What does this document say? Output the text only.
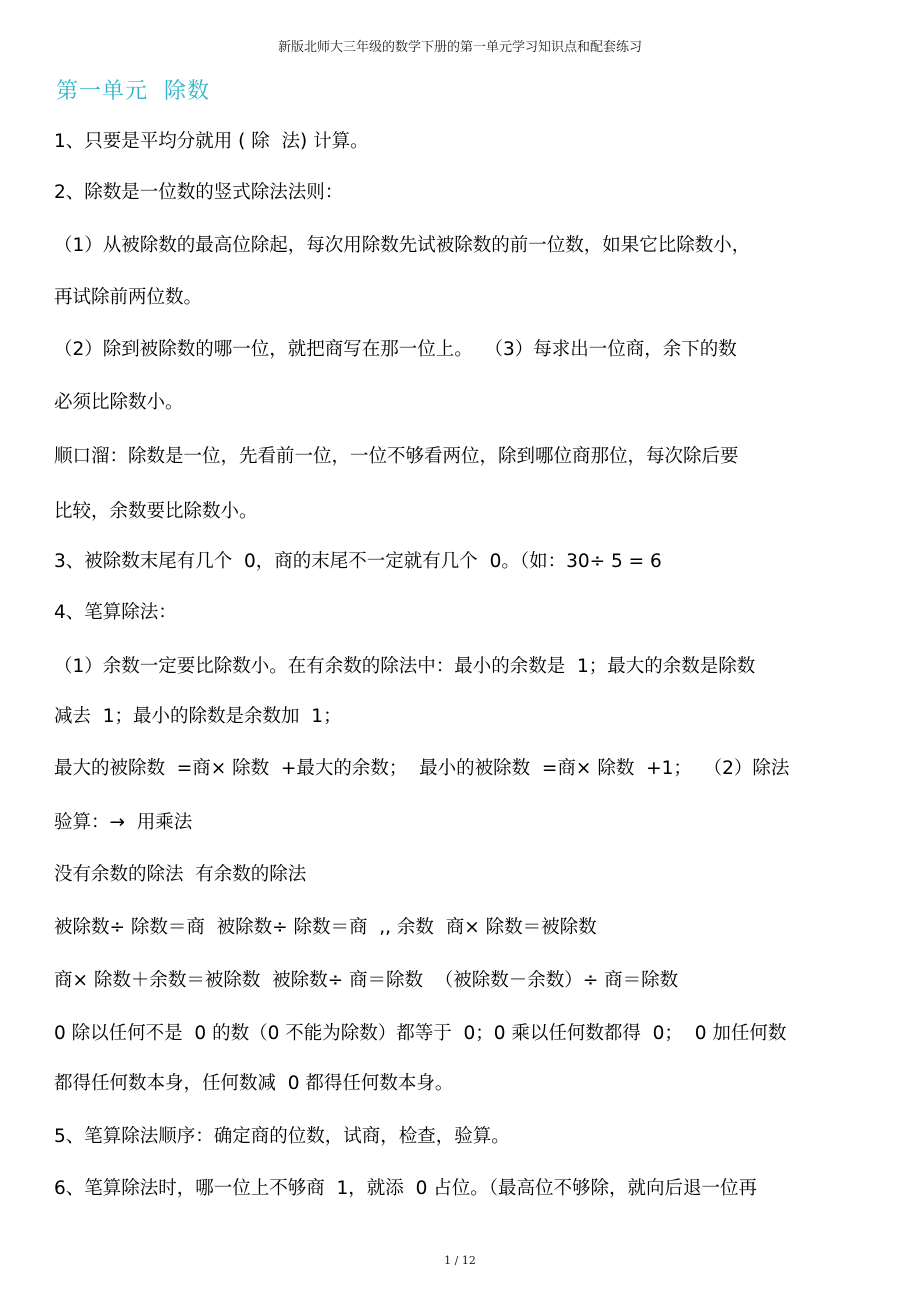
新版北师大三年级的数学下册的第一单元学习知识点和配套练习
第一单元  除数
1、只要是平均分就用 ( 除  法) 计算。
2、除数是一位数的竖式除法法则：
（1）从被除数的最高位除起，每次用除数先试被除数的前一位数，如果它比除数小，
再试除前两位数。
（2）除到被除数的哪一位，就把商写在那一位上。  （3）每求出一位商，余下的数
必须比除数小。
顺口溜：除数是一位，先看前一位，一位不够看两位，除到哪位商那位，每次除后要
比较，余数要比除数小。
3、被除数末尾有几个  0，商的末尾不一定就有几个  0。（如：30÷ 5 = 6
4、笔算除法：
（1）余数一定要比除数小。在有余数的除法中：最小的余数是  1；最大的余数是除数
减去  1；最小的除数是余数加  1；
最大的被除数  =商× 除数  +最大的余数；  最小的被除数  =商× 除数  +1；  （2）除法
验算：→  用乘法
没有余数的除法  有余数的除法
被除数÷ 除数＝商  被除数÷ 除数＝商  ,, 余数  商× 除数＝被除数
商× 除数＋余数＝被除数  被除数÷ 商＝除数  （被除数－余数）÷ 商＝除数
0 除以任何不是  0 的数（0 不能为除数）都等于  0；0 乘以任何数都得  0；  0 加任何数
都得任何数本身，任何数减  0 都得任何数本身。
5、笔算除法顺序：确定商的位数，试商，检查，验算。
6、笔算除法时，哪一位上不够商  1，就添  0 占位。（最高位不够除，就向后退一位再
1 / 12
